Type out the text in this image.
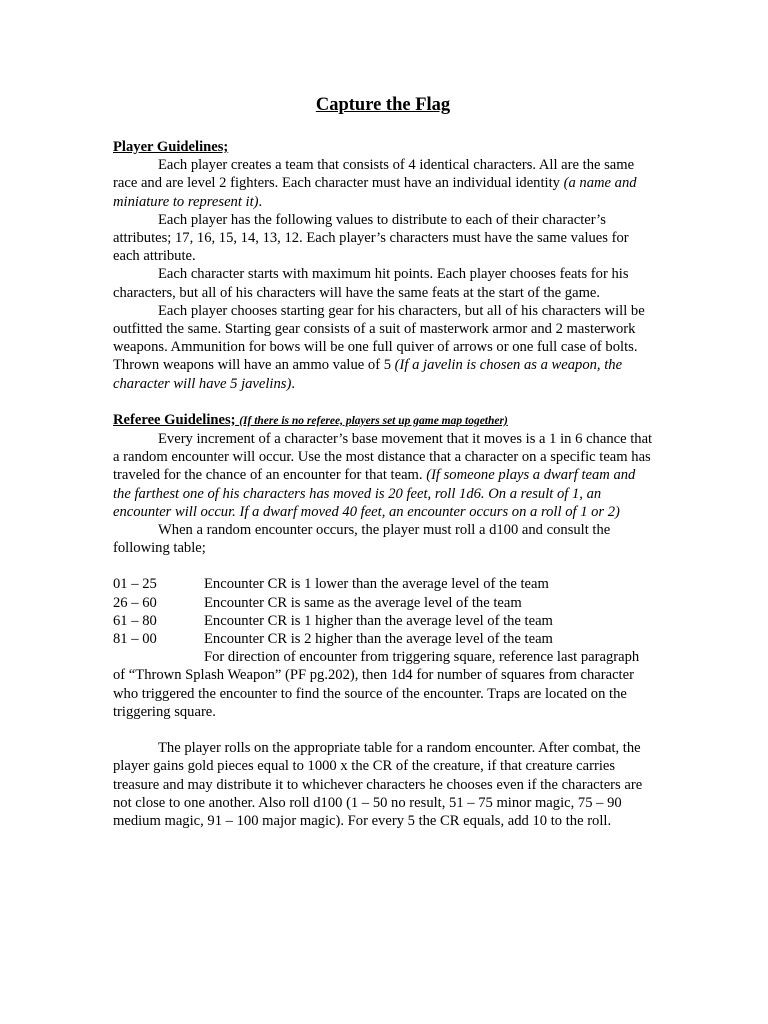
Capture the Flag
Player Guidelines;

Each player creates a team that consists of 4 identical characters. All are the same race and are level 2 fighters. Each character must have an individual identity (a name and miniature to represent it).

Each player has the following values to distribute to each of their character’s attributes; 17, 16, 15, 14, 13, 12. Each player’s characters must have the same values for each attribute.

Each character starts with maximum hit points. Each player chooses feats for his characters, but all of his characters will have the same feats at the start of the game.

Each player chooses starting gear for his characters, but all of his characters will be outfitted the same. Starting gear consists of a suit of masterwork armor and 2 masterwork weapons. Ammunition for bows will be one full quiver of arrows or one full case of bolts. Thrown weapons will have an ammo value of 5 (If a javelin is chosen as a weapon, the character will have 5 javelins).

Referee Guidelines; (If there is no referee, players set up game map together)

Every increment of a character’s base movement that it moves is a 1 in 6 chance that a random encounter will occur. Use the most distance that a character on a specific team has traveled for the chance of an encounter for that team. (If someone plays a dwarf team and the farthest one of his characters has moved is 20 feet, roll 1d6. On a result of 1, an encounter will occur. If a dwarf moved 40 feet, an encounter occurs on a roll of 1 or 2)

When a random encounter occurs, the player must roll a d100 and consult the following table;

01 – 25	Encounter CR is 1 lower than the average level of the team
26 – 60	Encounter CR is same as the average level of the team
61 – 80	Encounter CR is 1 higher than the average level of the team
81 – 00	Encounter CR is 2 higher than the average level of the team

For direction of encounter from triggering square, reference last paragraph of “Thrown Splash Weapon” (PF pg.202), then 1d4 for number of squares from character who triggered the encounter to find the source of the encounter. Traps are located on the triggering square.

The player rolls on the appropriate table for a random encounter. After combat, the player gains gold pieces equal to 1000 x the CR of the creature, if that creature carries treasure and may distribute it to whichever characters he chooses even if the characters are not close to one another. Also roll d100 (1 – 50 no result, 51 – 75 minor magic, 75 – 90 medium magic, 91 – 100 major magic). For every 5 the CR equals, add 10 to the roll.
